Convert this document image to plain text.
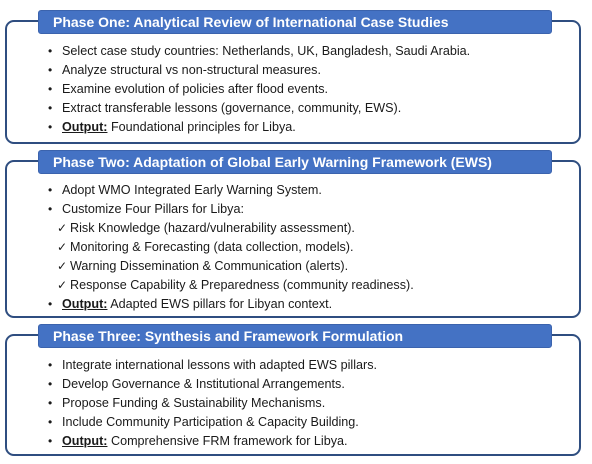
Phase One: Analytical Review of International Case Studies
• Select case study countries: Netherlands, UK, Bangladesh, Saudi Arabia.
• Analyze structural vs non-structural measures.
• Examine evolution of policies after flood events.
• Extract transferable lessons (governance, community, EWS).
• Output: Foundational principles for Libya.
Phase Two: Adaptation of Global Early Warning Framework (EWS)
• Adopt WMO Integrated Early Warning System.
• Customize Four Pillars for Libya:
✓ Risk Knowledge (hazard/vulnerability assessment).
✓ Monitoring & Forecasting (data collection, models).
✓ Warning Dissemination & Communication (alerts).
✓ Response Capability & Preparedness (community readiness).
• Output: Adapted EWS pillars for Libyan context.
Phase Three: Synthesis and Framework Formulation
• Integrate international lessons with adapted EWS pillars.
• Develop Governance & Institutional Arrangements.
• Propose Funding & Sustainability Mechanisms.
• Include Community Participation & Capacity Building.
• Output: Comprehensive FRM framework for Libya.
